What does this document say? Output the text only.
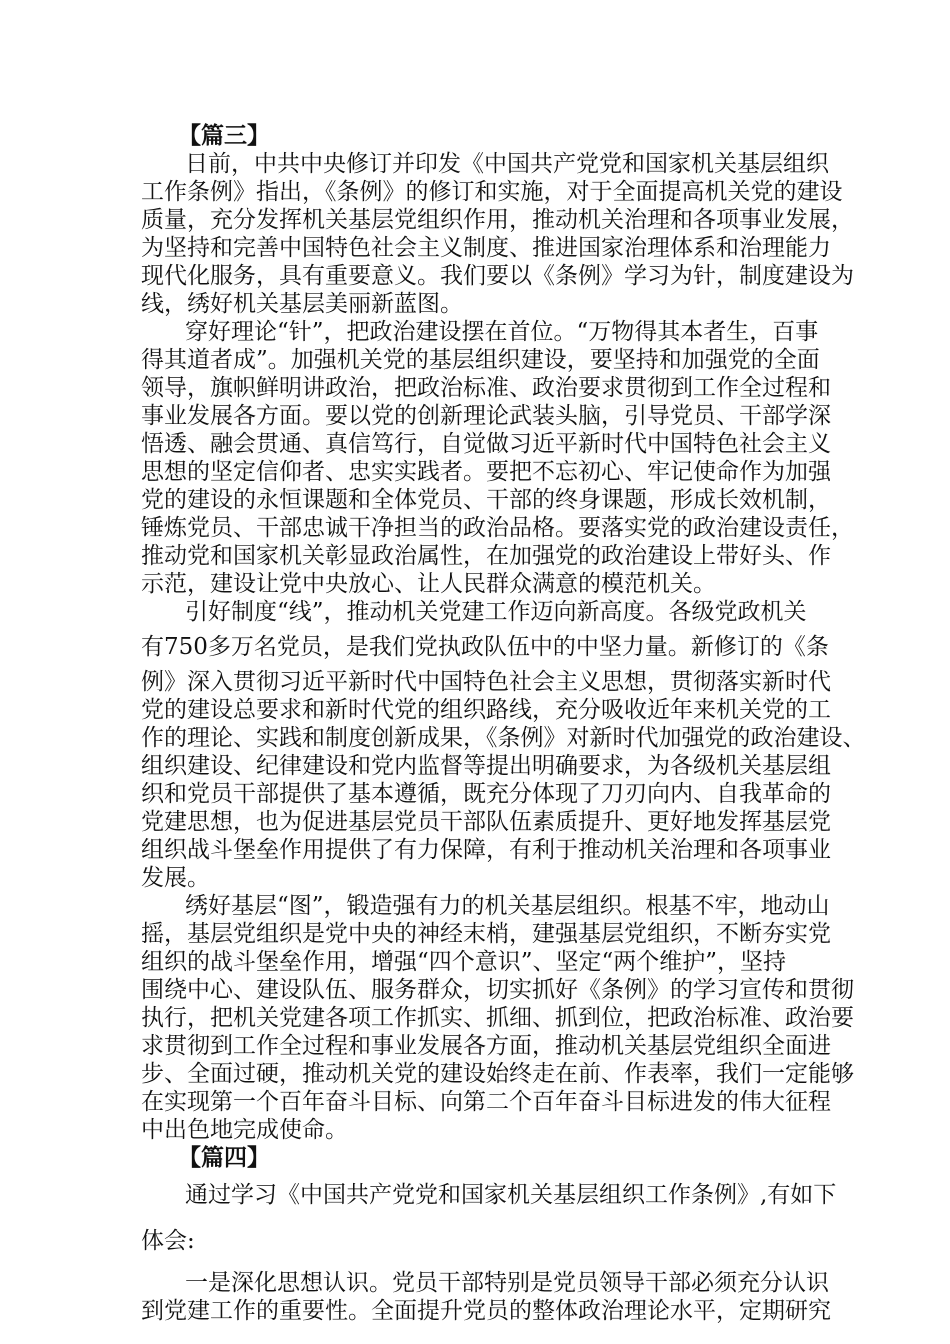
【篇三】
日前，中共中央修订并印发《中国共产党党和国家机关基层组织
工作条例》指出，《条例》的修订和实施，对于全面提高机关党的建设
质量，充分发挥机关基层党组织作用，推动机关治理和各项事业发展，
为坚持和完善中国特色社会主义制度、推进国家治理体系和治理能力
现代化服务，具有重要意义。我们要以《条例》学习为针，制度建设为
线，绣好机关基层美丽新蓝图。
穿好理论“针”，把政治建设摆在首位。“万物得其本者生，百事
得其道者成”。加强机关党的基层组织建设，要坚持和加强党的全面
领导，旗帜鲜明讲政治，把政治标准、政治要求贯彻到工作全过程和
事业发展各方面。要以党的创新理论武装头脑，引导党员、干部学深
悟透、融会贯通、真信笃行，自觉做习近平新时代中国特色社会主义
思想的坚定信仰者、忠实实践者。要把不忘初心、牢记使命作为加强
党的建设的永恒课题和全体党员、干部的终身课题，形成长效机制，
锤炼党员、干部忠诚干净担当的政治品格。要落实党的政治建设责任，
推动党和国家机关彰显政治属性，在加强党的政治建设上带好头、作
示范，建设让党中央放心、让人民群众满意的模范机关。
引好制度“线”，推动机关党建工作迈向新高度。各级党政机关
有750多万名党员，是我们党执政队伍中的中坚力量。新修订的《条
例》深入贯彻习近平新时代中国特色社会主义思想，贯彻落实新时代
党的建设总要求和新时代党的组织路线，充分吸收近年来机关党的工
作的理论、实践和制度创新成果，《条例》对新时代加强党的政治建设、
组织建设、纪律建设和党内监督等提出明确要求，为各级机关基层组
织和党员干部提供了基本遵循，既充分体现了刀刃向内、自我革命的
党建思想，也为促进基层党员干部队伍素质提升、更好地发挥基层党
组织战斗堡垒作用提供了有力保障，有利于推动机关治理和各项事业
发展。
绣好基层“图”，锻造强有力的机关基层组织。根基不牢，地动山
摇，基层党组织是党中央的神经末梢，建强基层党组织，不断夯实党
组织的战斗堡垒作用，增强“四个意识”、坚定“两个维护”，坚持
围绕中心、建设队伍、服务群众，切实抓好《条例》的学习宣传和贯彻
执行，把机关党建各项工作抓实、抓细、抓到位，把政治标准、政治要
求贯彻到工作全过程和事业发展各方面，推动机关基层党组织全面进
步、全面过硬，推动机关党的建设始终走在前、作表率，我们一定能够
在实现第一个百年奋斗目标、向第二个百年奋斗目标进发的伟大征程
中出色地完成使命。
【篇四】
通过学习《中国共产党党和国家机关基层组织工作条例》,有如下
体会:
一是深化思想认识。党员干部特别是党员领导干部必须充分认识
到党建工作的重要性。全面提升党员的整体政治理论水平，定期研究
